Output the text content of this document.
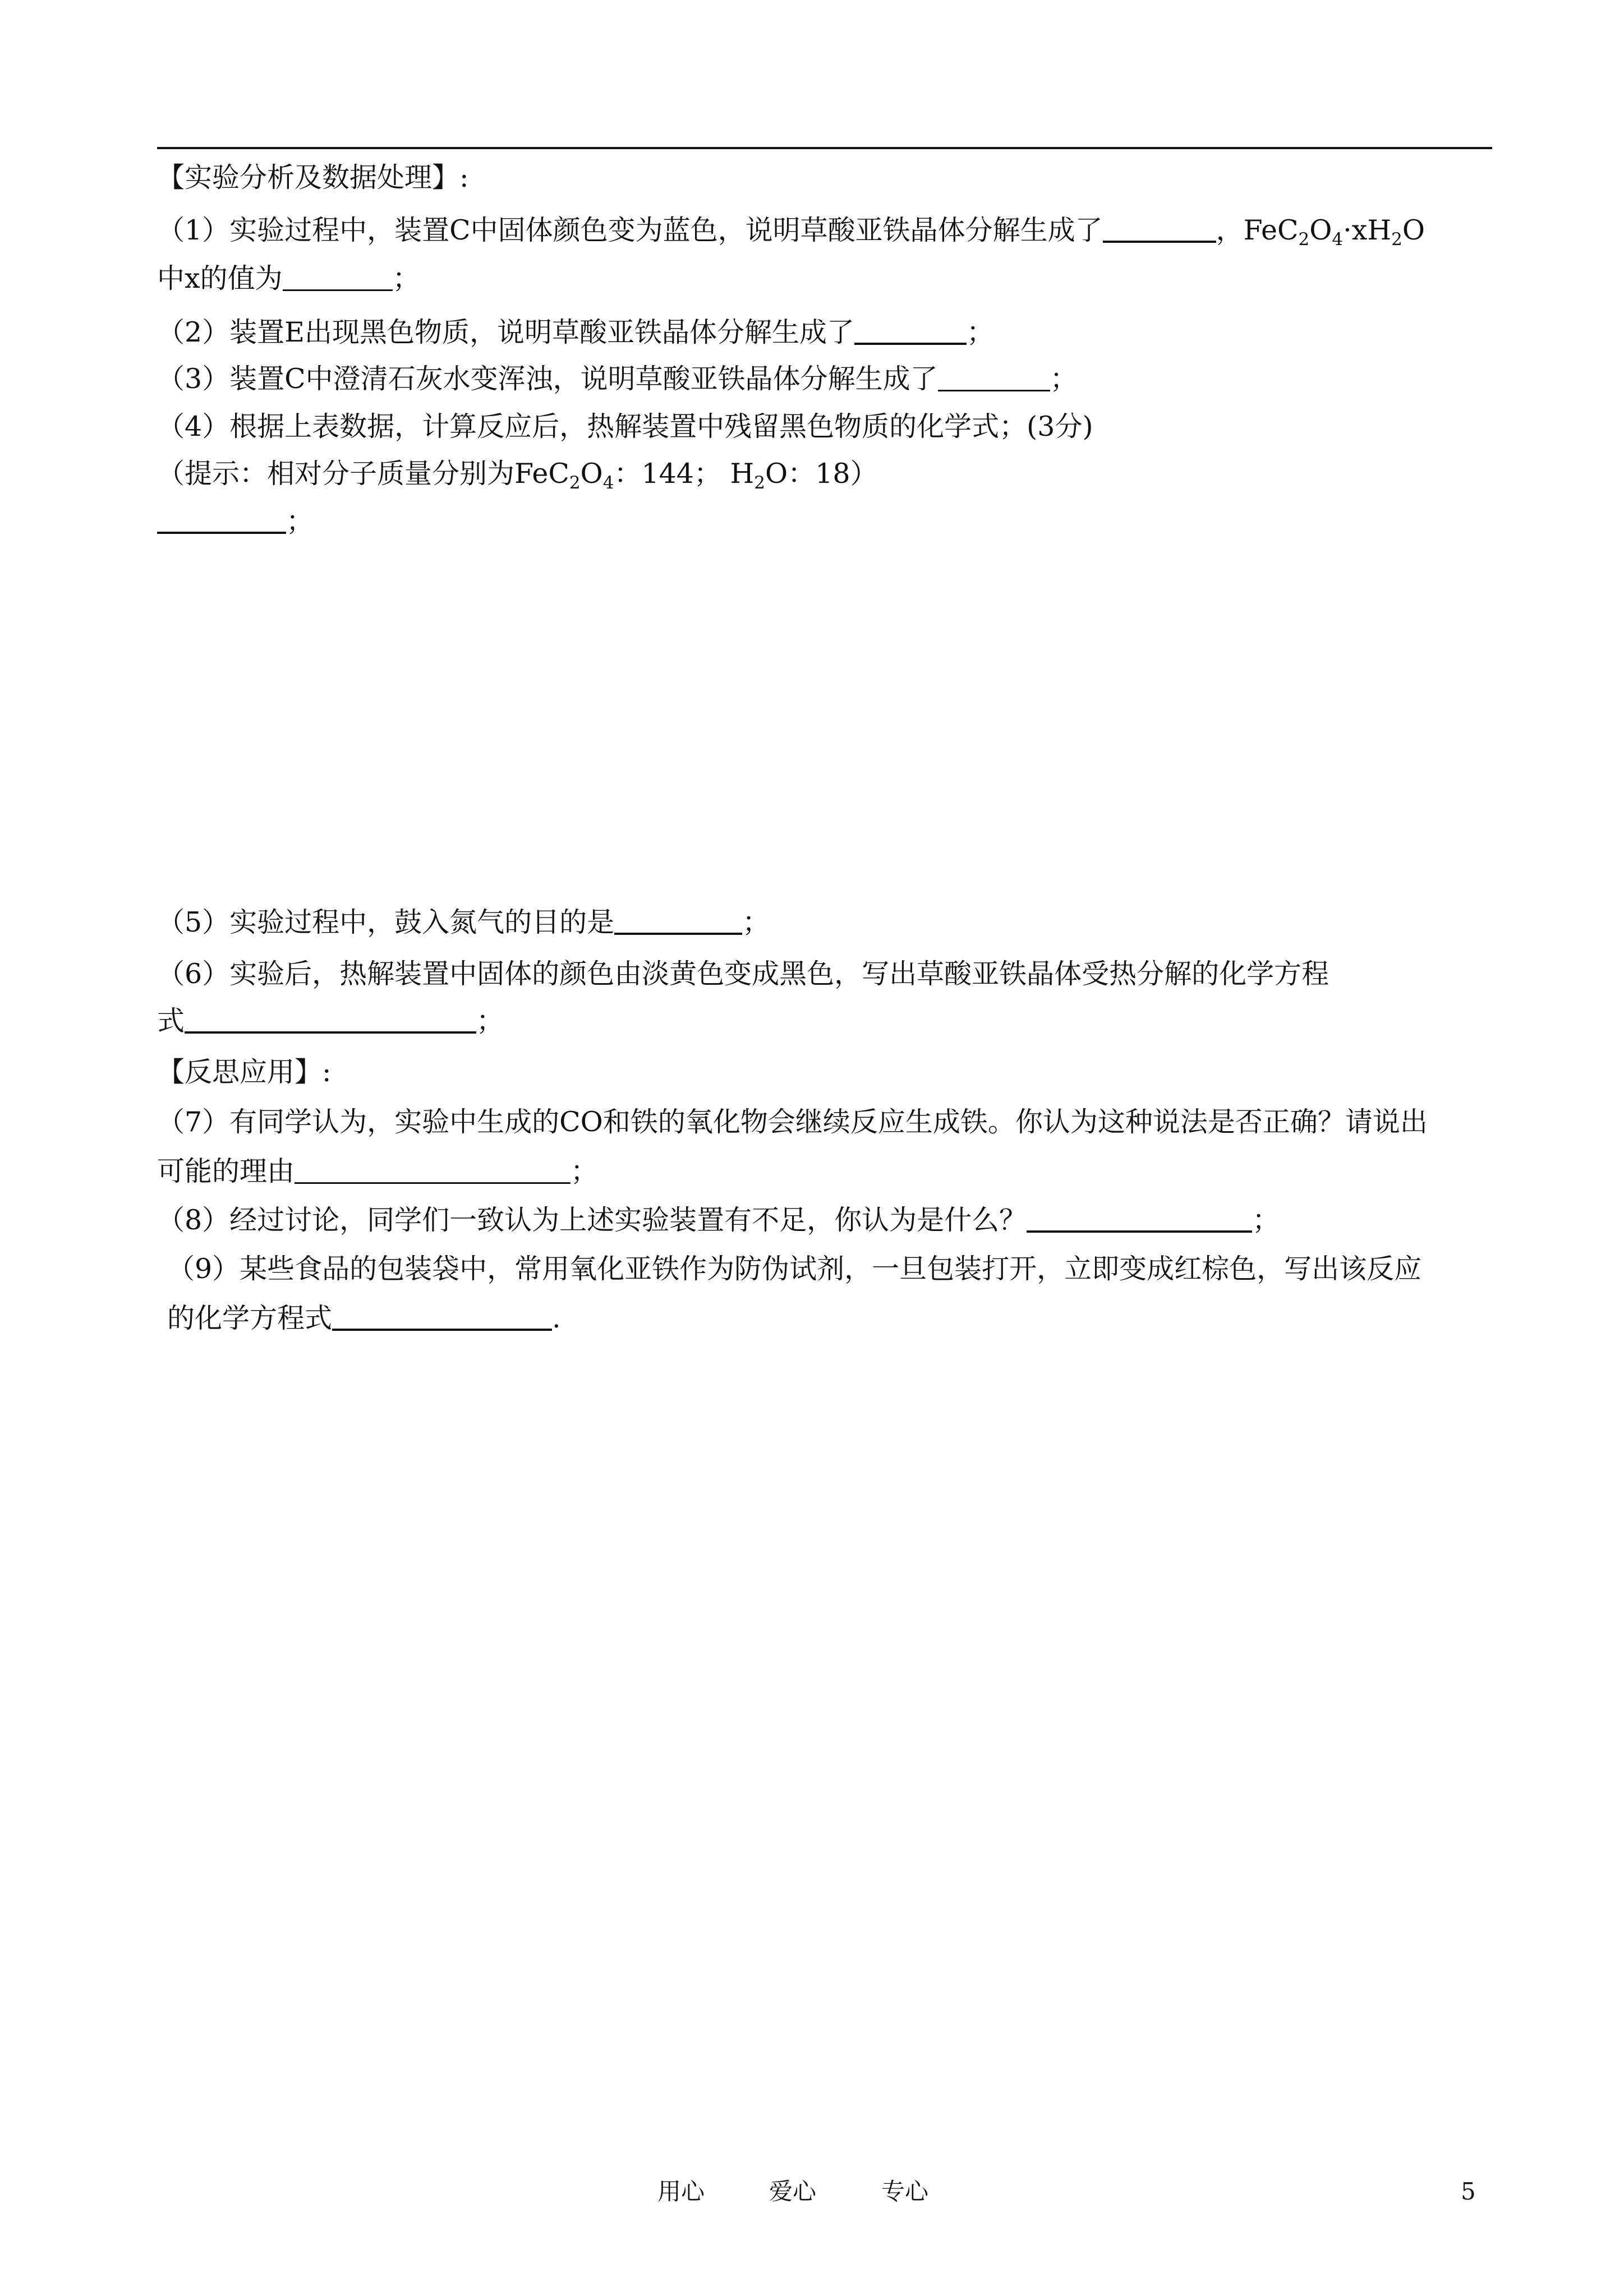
【实验分析及数据处理】:
（1）实验过程中，装置C中固体颜色变为蓝色，说明草酸亚铁晶体分解生成了	，$FeC_2O_4\cdot xH_2O$
中x的值为	；
（2）装置E出现黑色物质，说明草酸亚铁晶体分解生成了	；
（3）装置C中澄清石灰水变浑浊，说明草酸亚铁晶体分解生成了	；
（4）根据上表数据，计算反应后，热解装置中残留黑色物质的化学式；(3分)
（提示：相对分子质量分别为$FeC_2O_4$：144； $H_2O$：18）
；
（5）实验过程中，鼓入氮气的目的是	；
（6）实验后，热解装置中固体的颜色由淡黄色变成黑色，写出草酸亚铁晶体受热分解的化学方程
式	；
【反思应用】:
（7）有同学认为，实验中生成的CO和铁的氧化物会继续反应生成铁。你认为这种说法是否正确？请说出
可能的理由	；
（8）经过讨论，同学们一致认为上述实验装置有不足，你认为是什么？	；
（9）某些食品的包装袋中，常用氧化亚铁作为防伪试剂，一旦包装打开，立即变成红棕色，写出该反应
的化学方程式	.
用心	爱心	专心	5
